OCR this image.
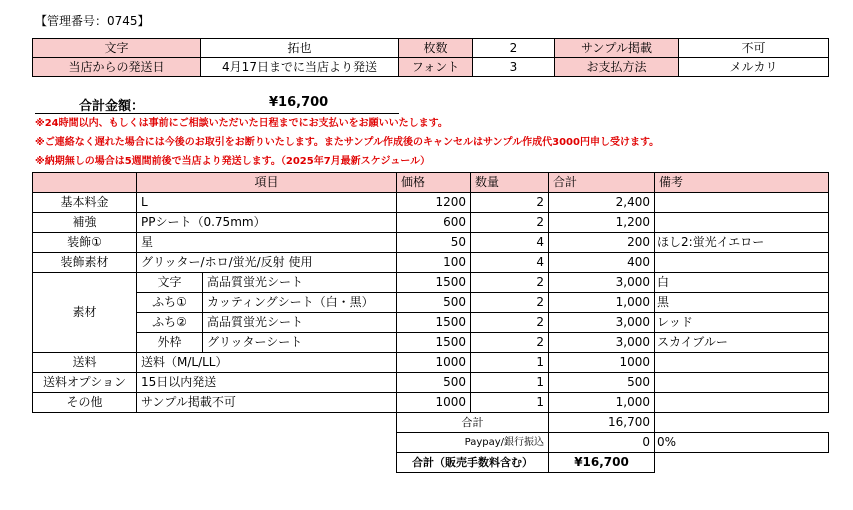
【管理番号：0745】
文字	拓也	枚数	2	サンプル掲載	不可
当店からの発送日	4月17日までに当店より発送	フォント	3	お支払方法	メルカリ
合計金額：	¥16,700
※24時間以内、もしくは事前にご相談いただいた日程までにお支払いをお願いいたします。
※ご連絡なく遅れた場合には今後のお取引をお断りいたします。またサンプル作成後のキャンセルはサンプル作成代3000円申し受けます。
※納期無しの場合は5週間前後で当店より発送します。（2025年7月最新スケジュール）
	項目		価格	数量	合計	備考
基本料金	L		1200	2	2,400	
補強	PPシート（0.75mm）		600	2	1,200	
装飾①	星		50	4	200	ほし2:蛍光イエロー
装飾素材	グリッター/ホロ/蛍光/反射 使用		100	4	400	
素材	文字	高品質蛍光シート	1500	2	3,000	白
	ふち①	カッティングシート（白・黒）	500	2	1,000	黒
	ふち②	高品質蛍光シート	1500	2	3,000	レッド
	外枠	グリッターシート	1500	2	3,000	スカイブルー
送料	送料（M/L/LL）		1000	1	1000	
送料オプション	15日以内発送		500	1	500	
その他	サンプル掲載不可		1000	1	1,000	
			合計		16,700	
			Paypay/銀行振込		0	0%
			合計（販売手数料含む）		¥16,700	
